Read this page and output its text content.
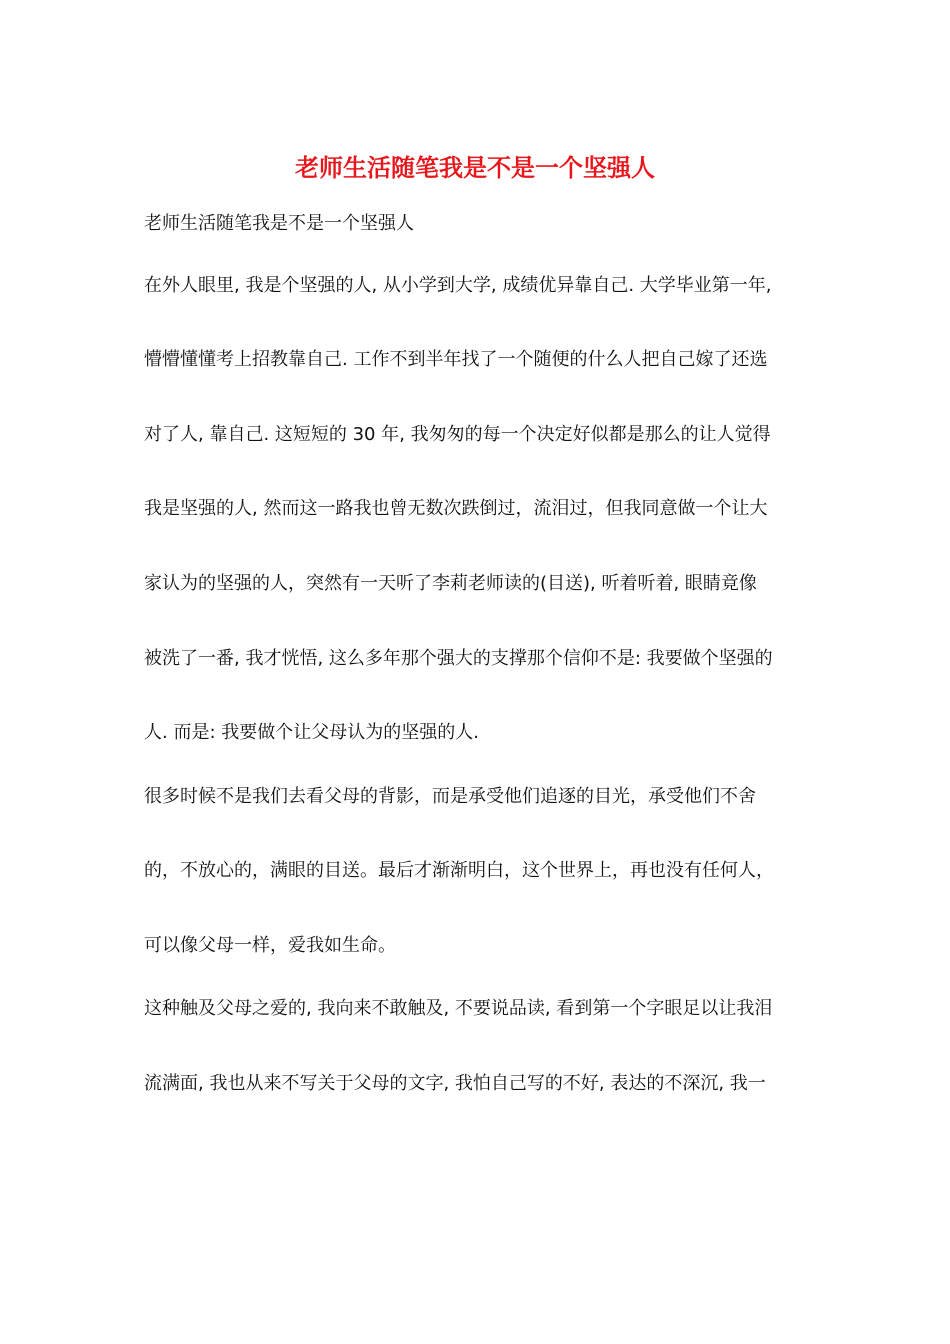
老师生活随笔我是不是一个坚强人

老师生活随笔我是不是一个坚强人

在外人眼里, 我是个坚强的人, 从小学到大学, 成绩优异靠自己. 大学毕业第一年,

懵懵懂懂考上招教靠自己. 工作不到半年找了一个随便的什么人把自己嫁了还选

对了人, 靠自己. 这短短的 30 年, 我匆匆的每一个决定好似都是那么的让人觉得

我是坚强的人, 然而这一路我也曾无数次跌倒过，流泪过，但我同意做一个让大

家认为的坚强的人，突然有一天听了李莉老师读的(目送), 听着听着, 眼睛竟像

被洗了一番, 我才恍悟, 这么多年那个强大的支撑那个信仰不是: 我要做个坚强的

人. 而是: 我要做个让父母认为的坚强的人.

很多时候不是我们去看父母的背影，而是承受他们追逐的目光，承受他们不舍

的，不放心的，满眼的目送。最后才渐渐明白，这个世界上，再也没有任何人，

可以像父母一样，爱我如生命。

这种触及父母之爱的, 我向来不敢触及, 不要说品读, 看到第一个字眼足以让我泪

流满面, 我也从来不写关于父母的文字, 我怕自己写的不好, 表达的不深沉, 我一
